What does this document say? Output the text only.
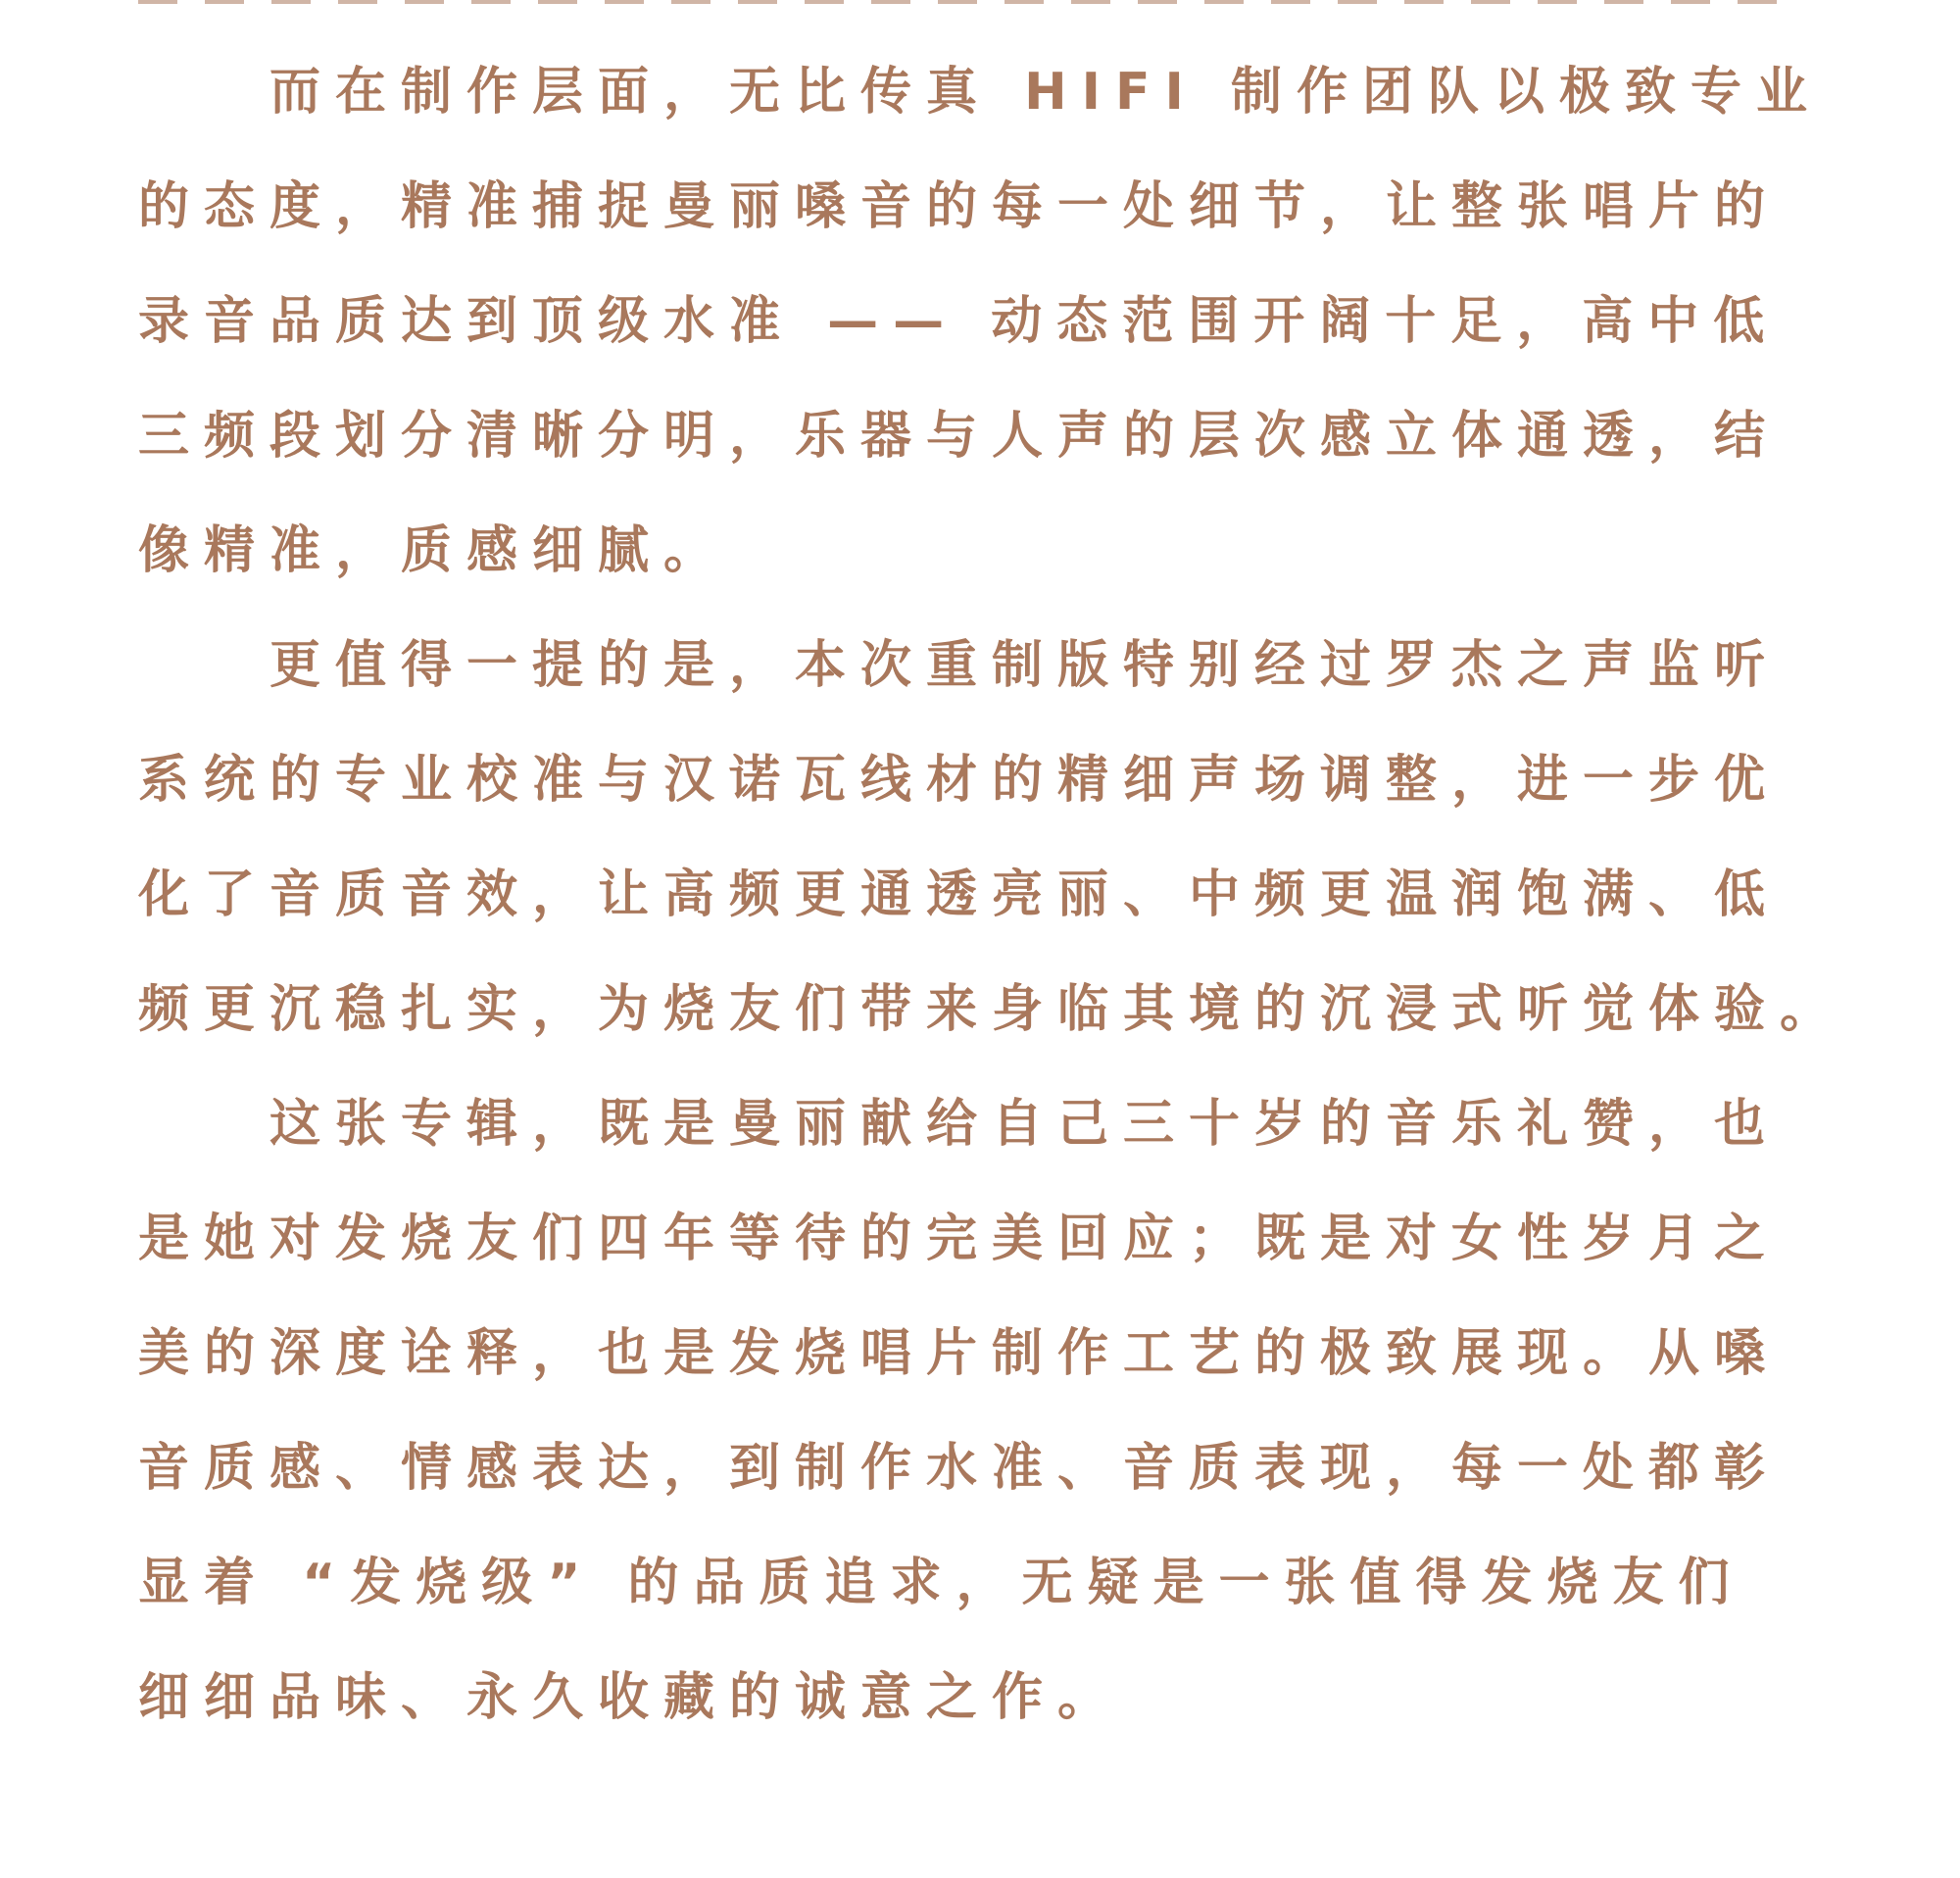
而在制作层面，无比传真 HIFI 制作团队以极致专业
的态度，精准捕捉曼丽嗓音的每一处细节，让整张唱片的
录音品质达到顶级水准 —— 动态范围开阔十足，高中低
三频段划分清晰分明，乐器与人声的层次感立体通透，结
像精准，质感细腻。

更值得一提的是，本次重制版特别经过罗杰之声监听
系统的专业校准与汉诺瓦线材的精细声场调整，进一步优
化了音质音效，让高频更通透亮丽、中频更温润饱满、低
频更沉稳扎实，为烧友们带来身临其境的沉浸式听觉体验。

这张专辑，既是曼丽献给自己三十岁的音乐礼赞，也
是她对发烧友们四年等待的完美回应；既是对女性岁月之
美的深度诠释，也是发烧唱片制作工艺的极致展现。从嗓
音质感、情感表达，到制作水准、音质表现，每一处都彰
显着 “发烧级” 的品质追求，无疑是一张值得发烧友们
细细品味、永久收藏的诚意之作。
